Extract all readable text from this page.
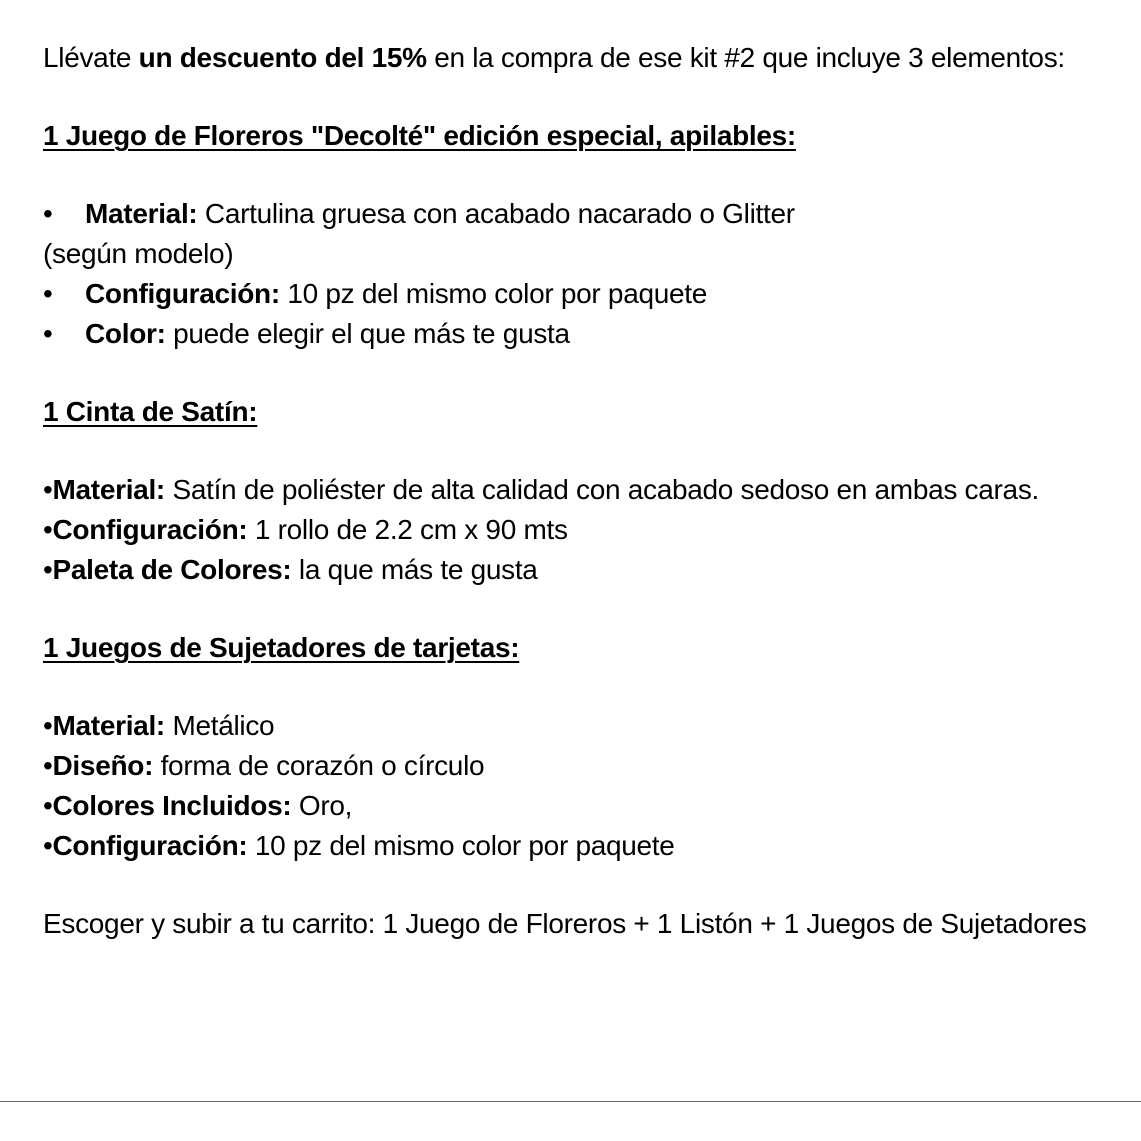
Llévate un descuento del 15% en la compra de ese kit #2 que incluye 3 elementos:

1 Juego de Floreros "Decolté" edición especial, apilables:

• Material: Cartulina gruesa con acabado nacarado o Glitter

(según modelo)

• Configuración: 10 pz del mismo color por paquete
• Color: puede elegir el que más te gusta

1 Cinta de Satín:

•Material: Satín de poliéster de alta calidad con acabado sedoso en ambas caras.

•Configuración: 1 rollo de 2.2 cm x 90 mts

•Paleta de Colores: la que más te gusta

1 Juegos de Sujetadores de tarjetas:

•Material: Metálico

•Diseño: forma de corazón o círculo

•Colores Incluidos: Oro,

•Configuración: 10 pz del mismo color por paquete

Escoger y subir a tu carrito: 1 Juego de Floreros + 1 Listón + 1 Juegos de Sujetadores
